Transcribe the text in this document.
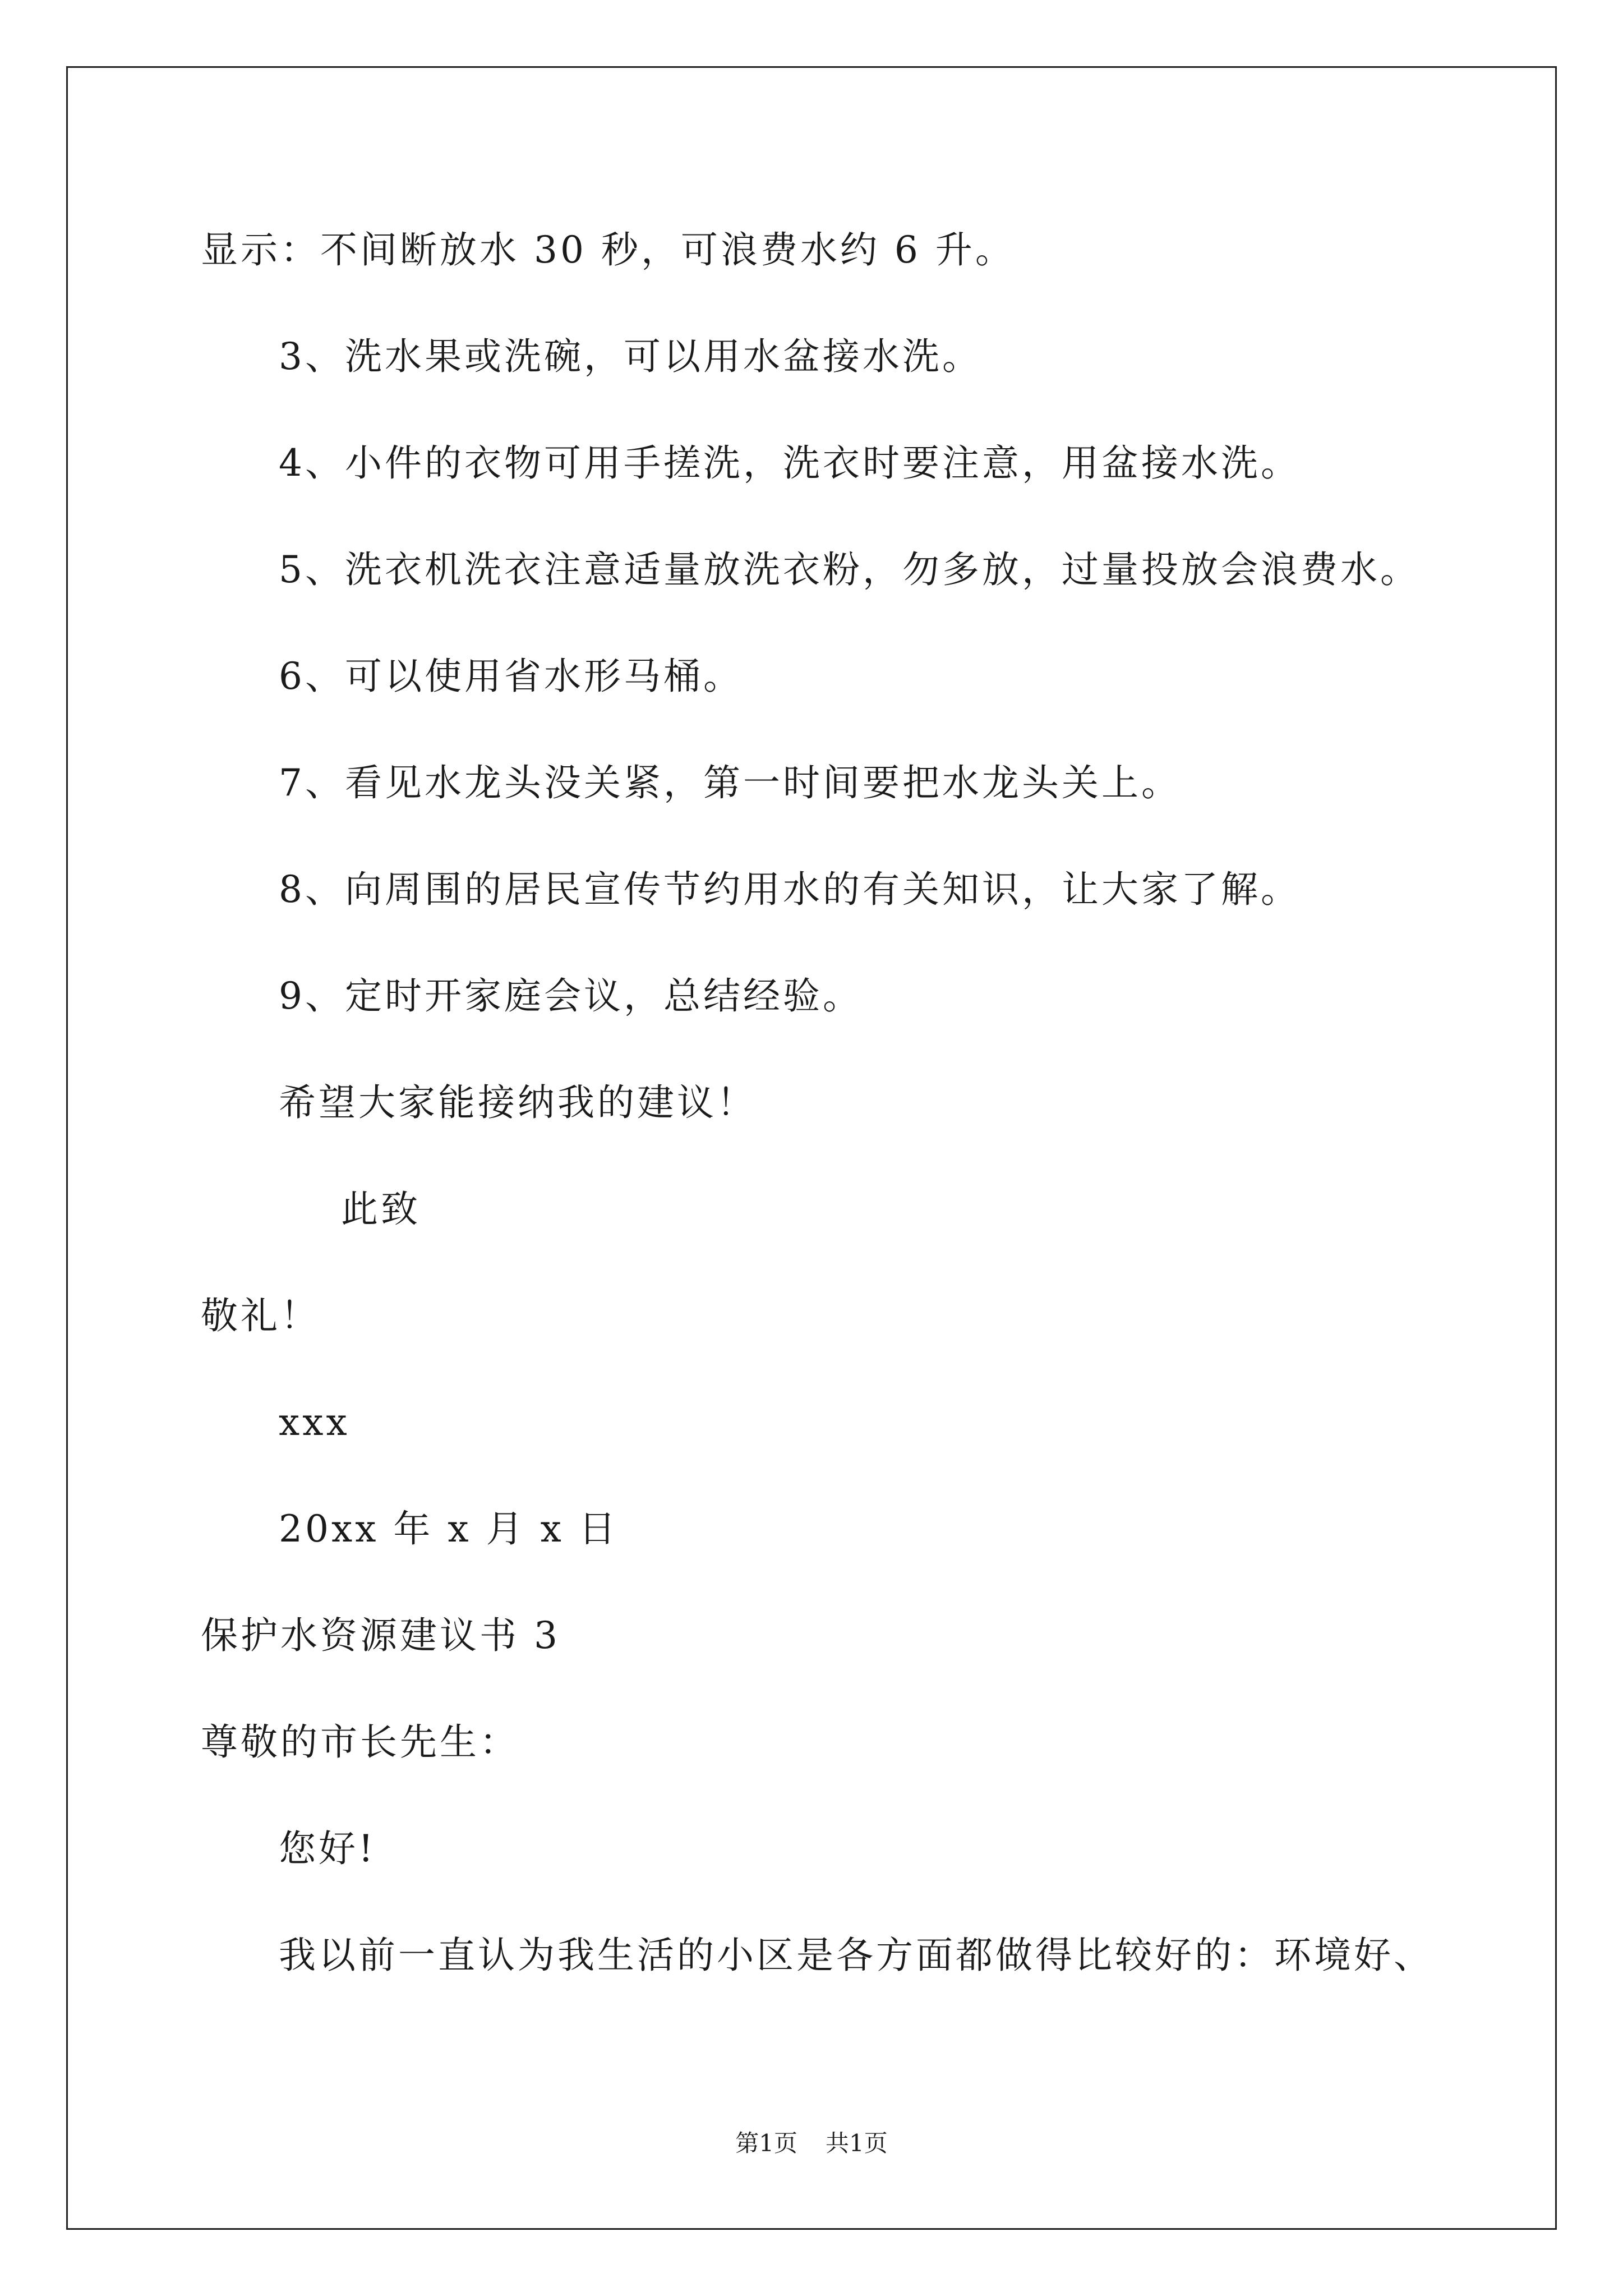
显示：不间断放水 30 秒，可浪费水约 6 升。
3、洗水果或洗碗，可以用水盆接水洗。
4、小件的衣物可用手搓洗，洗衣时要注意，用盆接水洗。
5、洗衣机洗衣注意适量放洗衣粉，勿多放，过量投放会浪费水。
6、可以使用省水形马桶。
7、看见水龙头没关紧，第一时间要把水龙头关上。
8、向周围的居民宣传节约用水的有关知识，让大家了解。
9、定时开家庭会议，总结经验。
希望大家能接纳我的建议！
此致
敬礼！
xxx
20xx 年 x 月 x 日
保护水资源建议书 3
尊敬的市长先生：
您好!
我以前一直认为我生活的小区是各方面都做得比较好的：环境好、
第1页 共1页
